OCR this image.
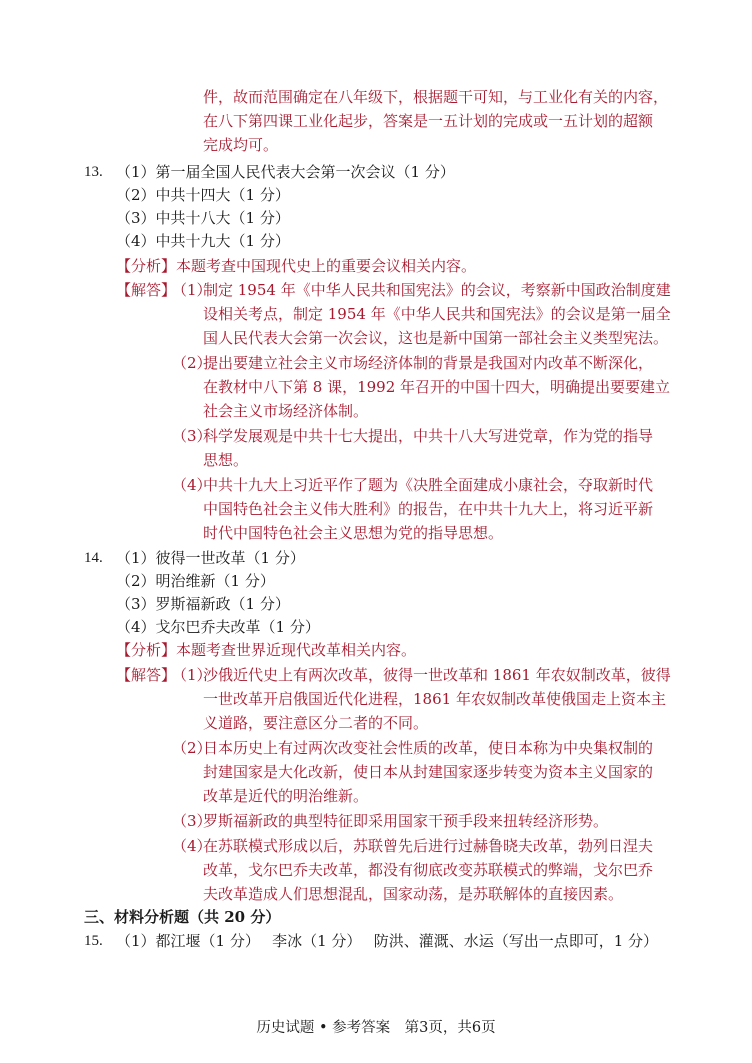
件，故而范围确定在八年级下，根据题干可知，与工业化有关的内容，
在八下第四课工业化起步，答案是一五计划的完成或一五计划的超额
完成均可。
13. （1）第一届全国人民代表大会第一次会议（1 分）
（2）中共十四大（1 分）
（3）中共十八大（1 分）
（4）中共十九大（1 分）
【分析】本题考查中国现代史上的重要会议相关内容。
【解答】
（1）
制定 1954 年《中华人民共和国宪法》的会议，考察新中国政治制度建
设相关考点，制定 1954 年《中华人民共和国宪法》的会议是第一届全
国人民代表大会第一次会议，这也是新中国第一部社会主义类型宪法。
（2）
提出要建立社会主义市场经济体制的背景是我国对内改革不断深化，
在教材中八下第 8 课，1992 年召开的中国十四大，明确提出要要建立
社会主义市场经济体制。
（3）
科学发展观是中共十七大提出，中共十八大写进党章，作为党的指导
思想。
（4）
中共十九大上习近平作了题为《决胜全面建成小康社会，夺取新时代
中国特色社会主义伟大胜利》的报告，在中共十九大上，将习近平新
时代中国特色社会主义思想为党的指导思想。
14. （1）彼得一世改革（1 分）
（2）明治维新（1 分）
（3）罗斯福新政（1 分）
（4）戈尔巴乔夫改革（1 分）
【分析】本题考查世界近现代改革相关内容。
【解答】
（1）
沙俄近代史上有两次改革，彼得一世改革和 1861 年农奴制改革，彼得
一世改革开启俄国近代化进程，1861 年农奴制改革使俄国走上资本主
义道路，要注意区分二者的不同。
（2）
日本历史上有过两次改变社会性质的改革，使日本称为中央集权制的
封建国家是大化改新，使日本从封建国家逐步转变为资本主义国家的
改革是近代的明治维新。
（3）
罗斯福新政的典型特征即采用国家干预手段来扭转经济形势。
（4）
在苏联模式形成以后，苏联曾先后进行过赫鲁晓夫改革，勃列日涅夫
改革，戈尔巴乔夫改革，都没有彻底改变苏联模式的弊端，戈尔巴乔
夫改革造成人们思想混乱，国家动荡，是苏联解体的直接因素。
三、材料分析题（共 20 分）
15. （1）都江堰（1 分）　 李冰（1 分）　 防洪、灌溉、水运（写出一点即可，1 分）
历史试题 • 参考答案　第3页，共6页
